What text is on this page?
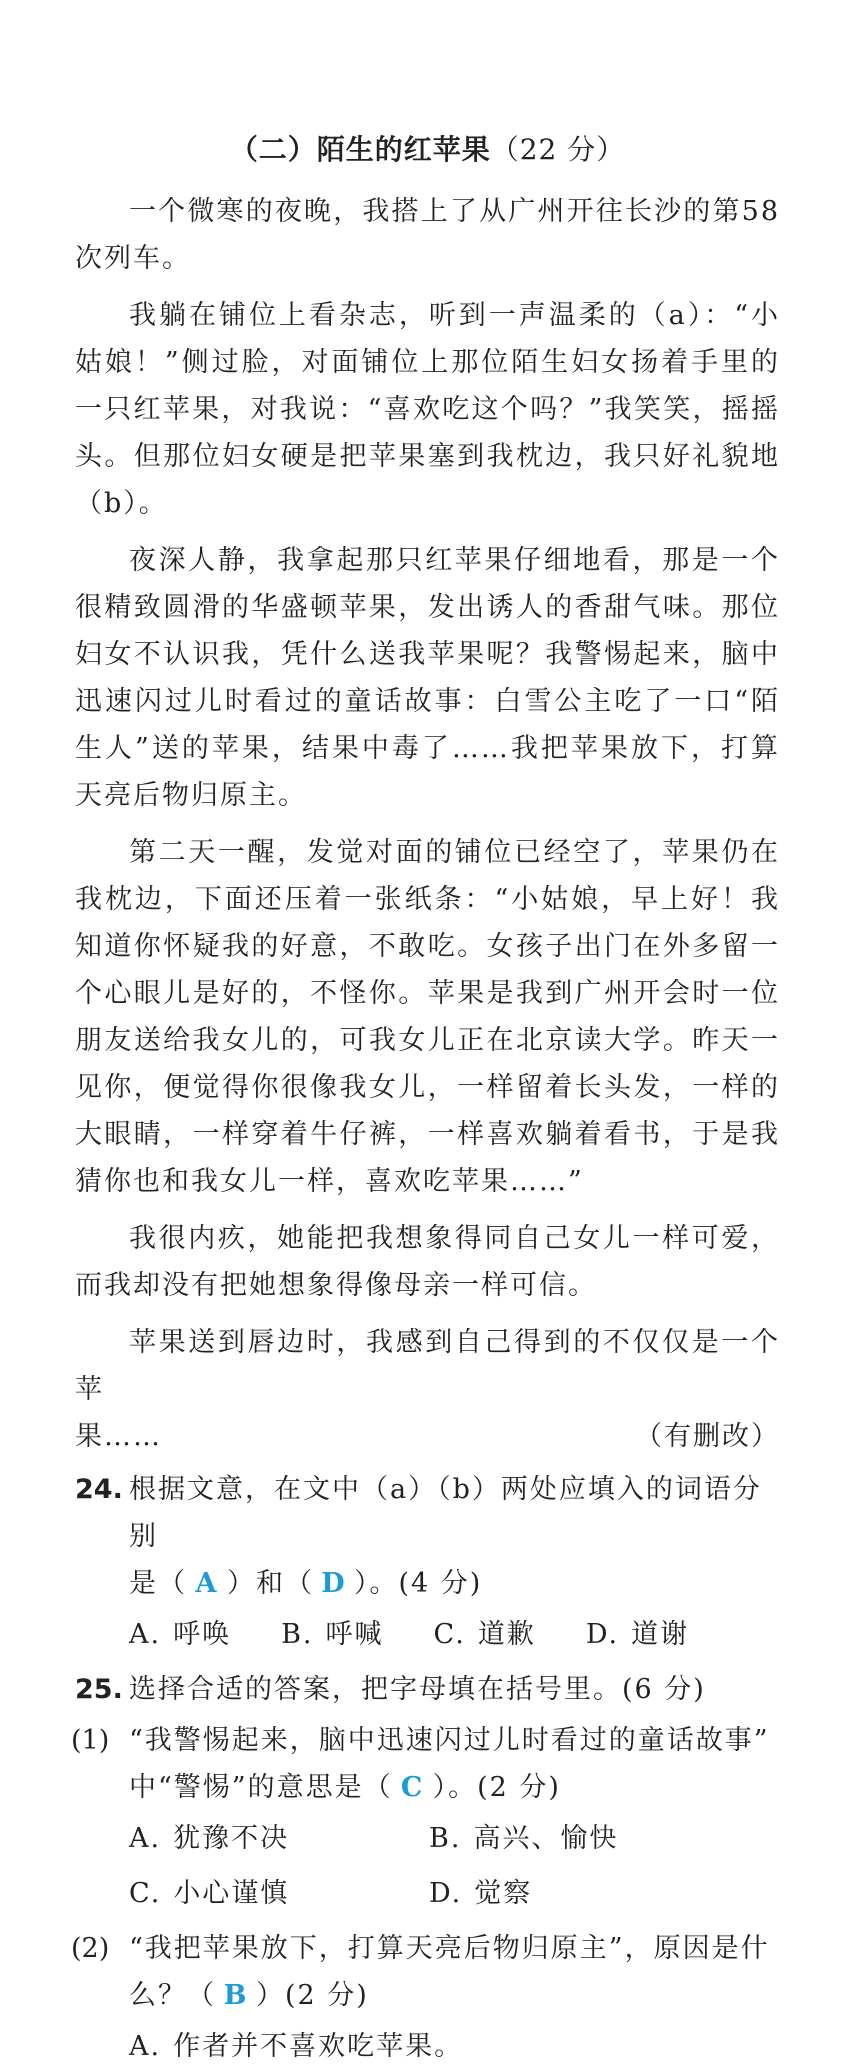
（二）陌生的红苹果（22 分）

一个微寒的夜晚，我搭上了从广州开往长沙的第58次列车。

我躺在铺位上看杂志，听到一声温柔的（a）：“小姑娘！”侧过脸，对面铺位上那位陌生妇女扬着手里的一只红苹果，对我说：“喜欢吃这个吗？”我笑笑，摇摇头。但那位妇女硬是把苹果塞到我枕边，我只好礼貌地（b）。

夜深人静，我拿起那只红苹果仔细地看，那是一个很精致圆滑的华盛顿苹果，发出诱人的香甜气味。那位妇女不认识我，凭什么送我苹果呢？我警惕起来，脑中迅速闪过儿时看过的童话故事：白雪公主吃了一口“陌生人”送的苹果，结果中毒了……我把苹果放下，打算天亮后物归原主。

第二天一醒，发觉对面的铺位已经空了，苹果仍在我枕边，下面还压着一张纸条：“小姑娘，早上好！我知道你怀疑我的好意，不敢吃。女孩子出门在外多留一个心眼儿是好的，不怪你。苹果是我到广州开会时一位朋友送给我女儿的，可我女儿正在北京读大学。昨天一见你，便觉得你很像我女儿，一样留着长头发，一样的大眼睛，一样穿着牛仔裤，一样喜欢躺着看书，于是我猜你也和我女儿一样，喜欢吃苹果……”

我很内疚，她能把我想象得同自己女儿一样可爱，而我却没有把她想象得像母亲一样可信。

苹果送到唇边时，我感到自己得到的不仅仅是一个苹

果……	（有删改）
24. 根据文意，在文中（a）（b）两处应填入的词语分别
是（ A ）和（ D ）。(4 分)
A. 呼唤 B. 呼喊 C. 道歉 D. 道谢
25. 选择合适的答案，把字母填在括号里。(6 分)
(1) “我警惕起来，脑中迅速闪过儿时看过的童话故事”
中“警惕”的意思是（ C ）。(2 分)
A. 犹豫不决	B. 高兴、愉快
C. 小心谨慎	D. 觉察
(2) “我把苹果放下，打算天亮后物归原主”，原因是什
么？（ B ）(2 分)
A. 作者并不喜欢吃苹果。
